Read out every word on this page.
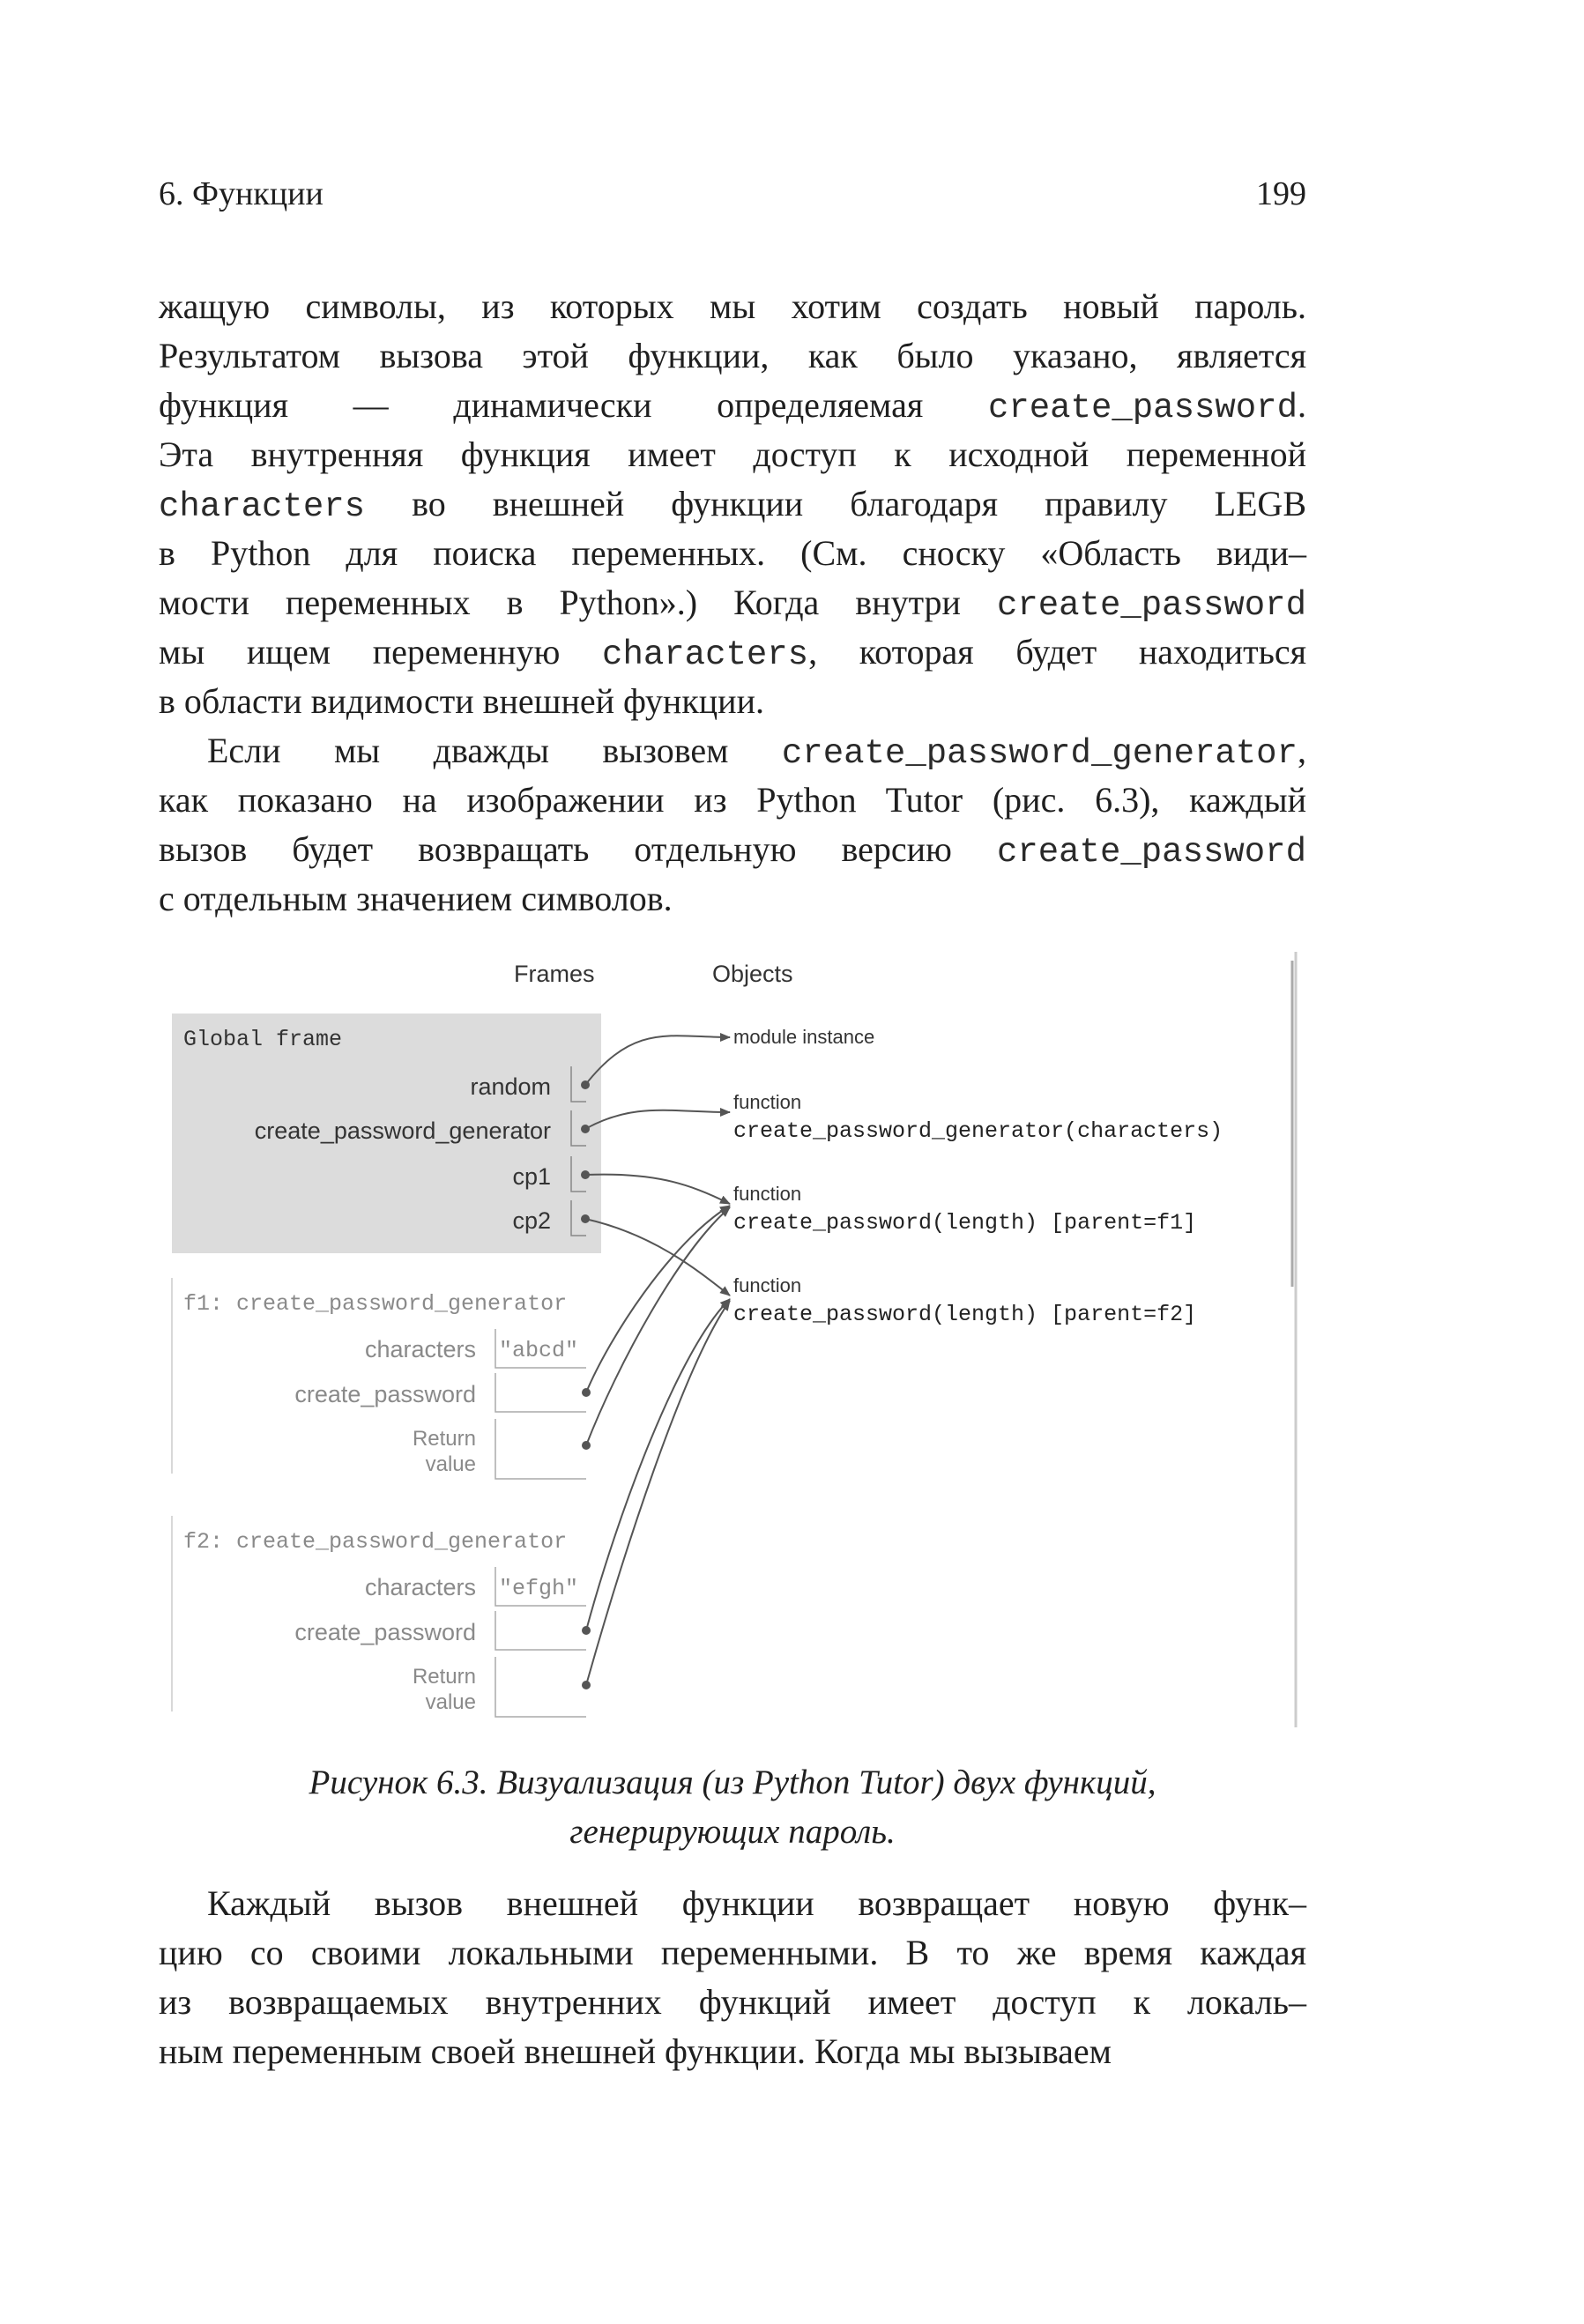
6. Функции	199
жащую символы, из которых мы хотим создать новый пароль.
Результатом вызова этой функции, как было указано, является
функция — динамически определяемая create_password.
Эта внутренняя функция имеет доступ к исходной переменной
characters во внешней функции благодаря правилу LEGB
в Python для поиска переменных. (См. сноску «Область види–
мости переменных в Python».) Когда внутри create_password
мы ищем переменную characters, которая будет находиться
в области видимости внешней функции.
Если мы дважды вызовем create_password_generator,
как показано на изображении из Python Tutor (рис. 6.3), каждый
вызов будет возвращать отдельную версию create_password
с отдельным значением символов.
Frames	Objects
Global frame
random
create_password_generator
cp1
cp2
f1: create_password_generator
characters "abcd"
create_password
Return
value
f2: create_password_generator
characters "efgh"
create_password
Return
value
module instance
function
create_password_generator(characters)
function
create_password(length) [parent=f1]
function
create_password(length) [parent=f2]
Рисунок 6.3. Визуализация (из Python Tutor) двух функций,
генерирующих пароль.
Каждый вызов внешней функции возвращает новую функ–
цию со своими локальными переменными. В то же время каждая
из возвращаемых внутренних функций имеет доступ к локаль–
ным переменным своей внешней функции. Когда мы вызываем
